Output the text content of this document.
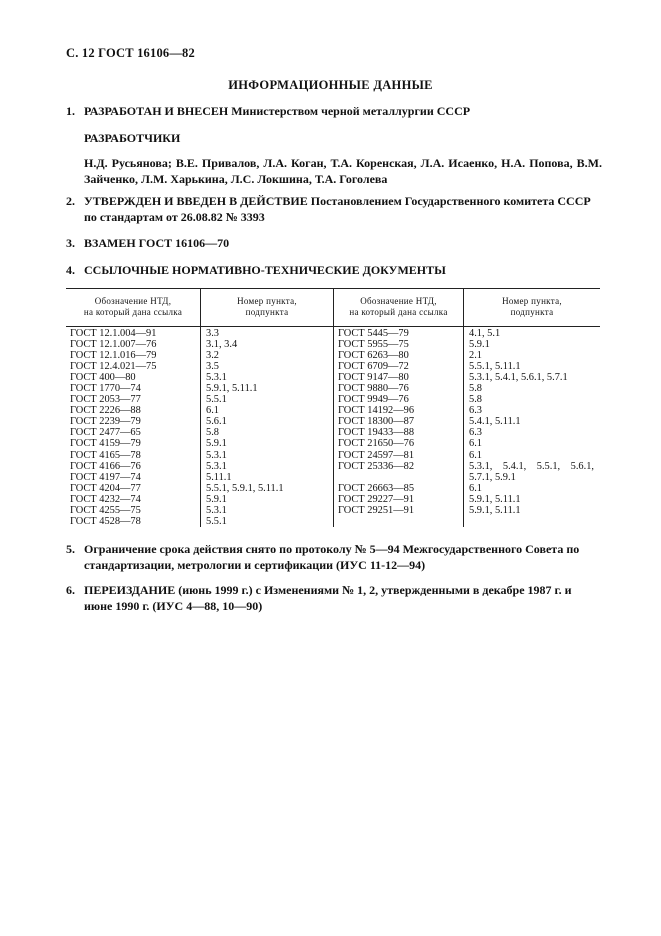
С. 12 ГОСТ 16106—82
ИНФОРМАЦИОННЫЕ ДАННЫЕ
1. РАЗРАБОТАН И ВНЕСЕН Министерством черной металлургии СССР
РАЗРАБОТЧИКИ
Н.Д. Русьянова; В.Е. Привалов, Л.А. Коган, Т.А. Коренская, Л.А. Исаенко, Н.А. Попова, В.М. Зайченко, Л.М. Харькина, Л.С. Локшина, Т.А. Гоголева
2. УТВЕРЖДЕН И ВВЕДЕН В ДЕЙСТВИЕ Постановлением Государственного комитета СССР по стандартам от 26.08.82 № 3393
3. ВЗАМЕН ГОСТ 16106—70
4. ССЫЛОЧНЫЕ НОРМАТИВНО-ТЕХНИЧЕСКИЕ ДОКУМЕНТЫ
Обозначение НТД,
на который дана ссылка
Номер пункта,
подпункта
Обозначение НТД,
на который дана ссылка
Номер пункта,
подпункта
ГОСТ 12.1.004—91
ГОСТ 12.1.007—76
ГОСТ 12.1.016—79
ГОСТ 12.4.021—75
ГОСТ 400—80
ГОСТ 1770—74
ГОСТ 2053—77
ГОСТ 2226—88
ГОСТ 2239—79
ГОСТ 2477—65
ГОСТ 4159—79
ГОСТ 4165—78
ГОСТ 4166—76
ГОСТ 4197—74
ГОСТ 4204—77
ГОСТ 4232—74
ГОСТ 4255—75
ГОСТ 4528—78
3.3
3.1, 3.4
3.2
3.5
5.3.1
5.9.1, 5.11.1
5.5.1
6.1
5.6.1
5.8
5.9.1
5.3.1
5.3.1
5.11.1
5.5.1, 5.9.1, 5.11.1
5.9.1
5.3.1
5.5.1
ГОСТ 5445—79
ГОСТ 5955—75
ГОСТ 6263—80
ГОСТ 6709—72
ГОСТ 9147—80
ГОСТ 9880—76
ГОСТ 9949—76
ГОСТ 14192—96
ГОСТ 18300—87
ГОСТ 19433—88
ГОСТ 21650—76
ГОСТ 24597—81
ГОСТ 25336—82
ГОСТ 26663—85
ГОСТ 29227—91
ГОСТ 29251—91
4.1, 5.1
5.9.1
2.1
5.5.1, 5.11.1
5.3.1, 5.4.1, 5.6.1, 5.7.1
5.8
5.8
6.3
5.4.1, 5.11.1
6.3
6.1
6.1
5.3.1, 5.4.1, 5.5.1, 5.6.1, 5.7.1, 5.9.1
6.1
5.9.1, 5.11.1
5.9.1, 5.11.1
5. Ограничение срока действия снято по протоколу № 5—94 Межгосударственного Совета по стандартизации, метрологии и сертификации (ИУС 11-12—94)
6. ПЕРЕИЗДАНИЕ (июнь 1999 г.) с Изменениями № 1, 2, утвержденными в декабре 1987 г. и июне 1990 г. (ИУС 4—88, 10—90)
